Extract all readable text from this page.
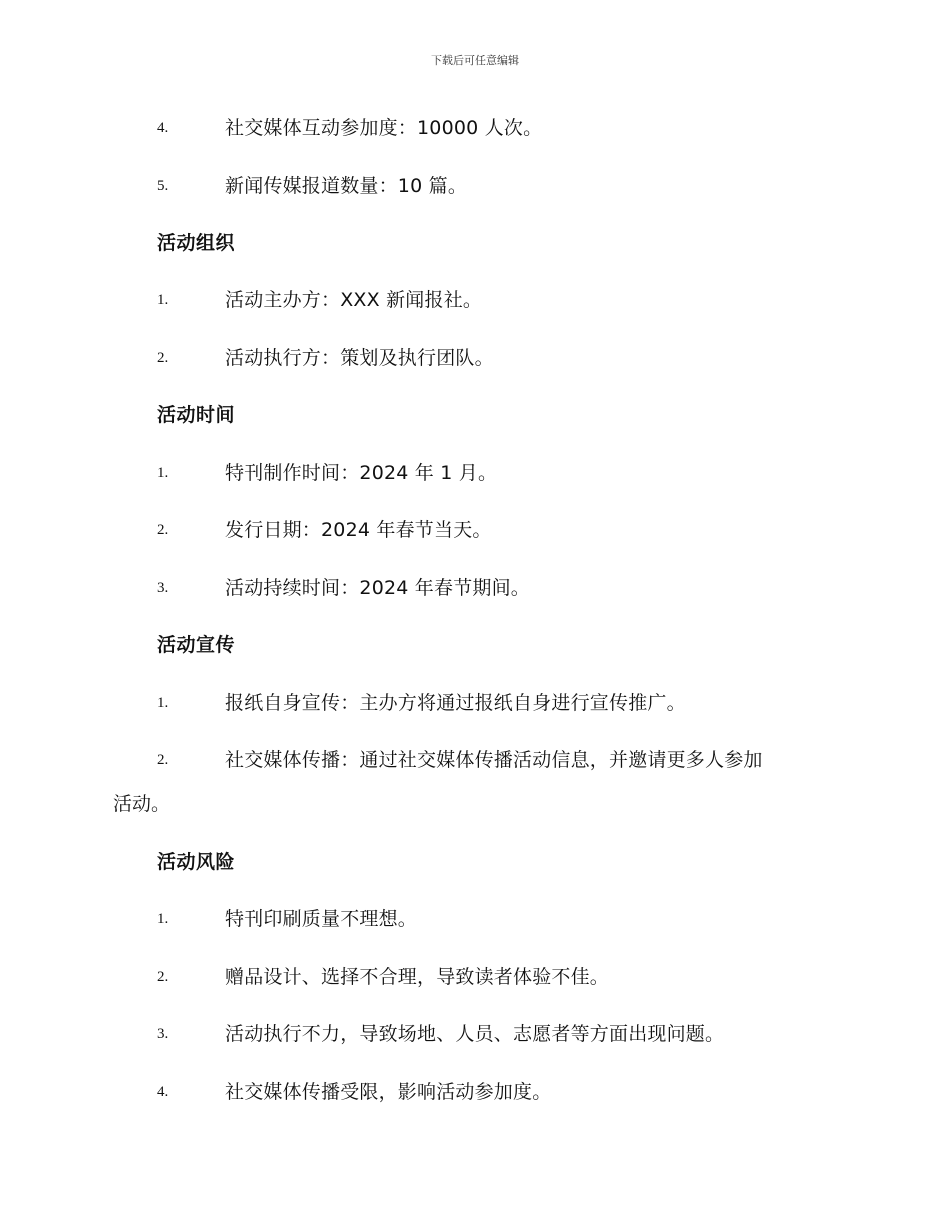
下载后可任意编辑
4.	社交媒体互动参加度：10000 人次。
5.	新闻传媒报道数量：10 篇。
活动组织
1.	活动主办方：XXX 新闻报社。
2.	活动执行方：策划及执行团队。
活动时间
1.	特刊制作时间：2024 年 1 月。
2.	发行日期：2024 年春节当天。
3.	活动持续时间：2024 年春节期间。
活动宣传
1.	报纸自身宣传：主办方将通过报纸自身进行宣传推广。
2.	社交媒体传播：通过社交媒体传播活动信息，并邀请更多人参加
活动。
活动风险
1.	特刊印刷质量不理想。
2.	赠品设计、选择不合理，导致读者体验不佳。
3.	活动执行不力，导致场地、人员、志愿者等方面出现问题。
4.	社交媒体传播受限，影响活动参加度。
